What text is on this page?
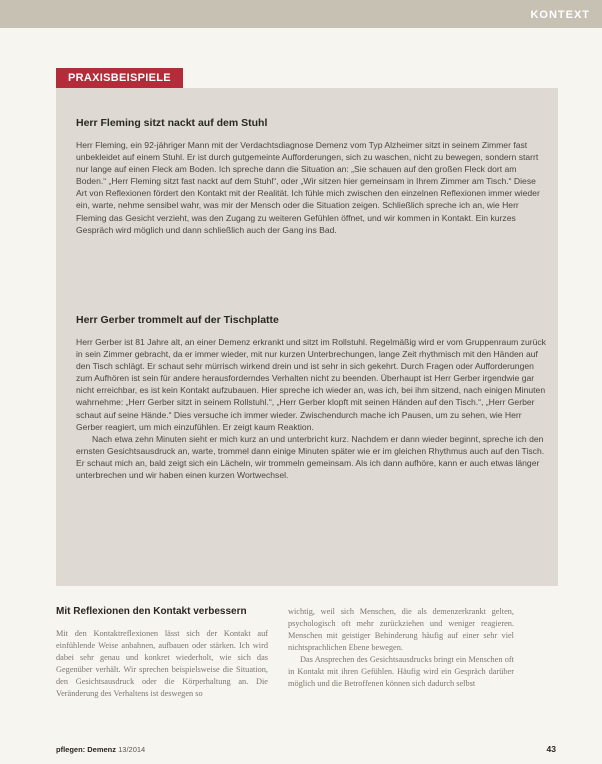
KONTEXT
PRAXISBEISPIELE
Herr Fleming sitzt nackt auf dem Stuhl

Herr Fleming, ein 92-jähriger Mann mit der Verdachtsdiagnose Demenz vom Typ Alzheimer sitzt in seinem Zimmer fast unbekleidet auf einem Stuhl. Er ist durch gutgemeinte Aufforderungen, sich zu waschen, nicht zu bewegen, sondern starrt nur lange auf einen Fleck am Boden. Ich spreche dann die Situation an: „Sie schauen auf den großen Fleck dort am Boden.“ „Herr Fleming sitzt fast nackt auf dem Stuhl“, oder „Wir sitzen hier gemeinsam in Ihrem Zimmer am Tisch.“ Diese Art von Reflexionen fördert den Kontakt mit der Realität. Ich fühle mich zwischen den einzelnen Reflexionen immer wieder ein, warte, nehme sensibel wahr, was mir der Mensch oder die Situation zeigen. Schließlich spreche ich an, wie Herr Fleming das Gesicht verzieht, was den Zugang zu weiteren Gefühlen öffnet, und wir kommen in Kontakt. Ein kurzes Gespräch wird möglich und dann schließlich auch der Gang ins Bad.

Herr Gerber trommelt auf der Tischplatte

Herr Gerber ist 81 Jahre alt, an einer Demenz erkrankt und sitzt im Rollstuhl. Regelmäßig wird er vom Gruppenraum zurück in sein Zimmer gebracht, da er immer wieder, mit nur kurzen Unterbrechungen, lange Zeit rhythmisch mit den Händen auf den Tisch schlägt. Er schaut sehr mürrisch wirkend drein und ist sehr in sich gekehrt. Durch Fragen oder Aufforderungen zum Aufhören ist sein für andere herausforderndes Verhalten nicht zu beenden. Überhaupt ist Herr Gerber irgendwie gar nicht erreichbar, es ist kein Kontakt aufzubauen. Hier spreche ich wieder an, was ich, bei ihm sitzend, nach einigen Minuten wahrnehme: „Herr Gerber sitzt in seinem Rollstuhl.“, „Herr Gerber klopft mit seinen Händen auf den Tisch.“, „Herr Gerber schaut auf seine Hände.“ Dies versuche ich immer wieder. Zwischendurch mache ich Pausen, um zu sehen, wie Herr Gerber reagiert, um mich einzufühlen. Er zeigt kaum Reaktion.

Nach etwa zehn Minuten sieht er mich kurz an und unterbricht kurz. Nachdem er dann wieder beginnt, spreche ich den ernsten Gesichtsausdruck an, warte, trommel dann einige Minuten später wie er im gleichen Rhythmus auch auf den Tisch. Er schaut mich an, bald zeigt sich ein Lächeln, wir trommeln gemeinsam. Als ich dann aufhöre, kann er auch etwas länger unterbrechen und wir haben einen kurzen Wortwechsel.

Mit Reflexionen den Kontakt verbessern

Mit den Kontaktreflexionen lässt sich der Kontakt auf einfühlende Weise anbahnen, aufbauen oder stärken. Ich wird dabei sehr genau und konkret wiederholt, wie sich das Gegenüber verhält. Wir sprechen beispielsweise die Situation, den Gesichtsausdruck oder die Körperhaltung an. Die Veränderung des Verhaltens ist deswegen so

wichtig, weil sich Menschen, die als demenzerkrankt gelten, psychologisch oft mehr zurückziehen und weniger reagieren. Menschen mit geistiger Behinderung häufig auf einer sehr viel nichtsprachlichen Ebene bewegen.

Das Ansprechen des Gesichtsausdrucks bringt ein Menschen oft in Kontakt mit ihren Gefühlen. Häufig wird ein Gespräch darüber möglich und die Betroffenen können sich dadurch selbst

pflegen: Demenz 13/2014	43
